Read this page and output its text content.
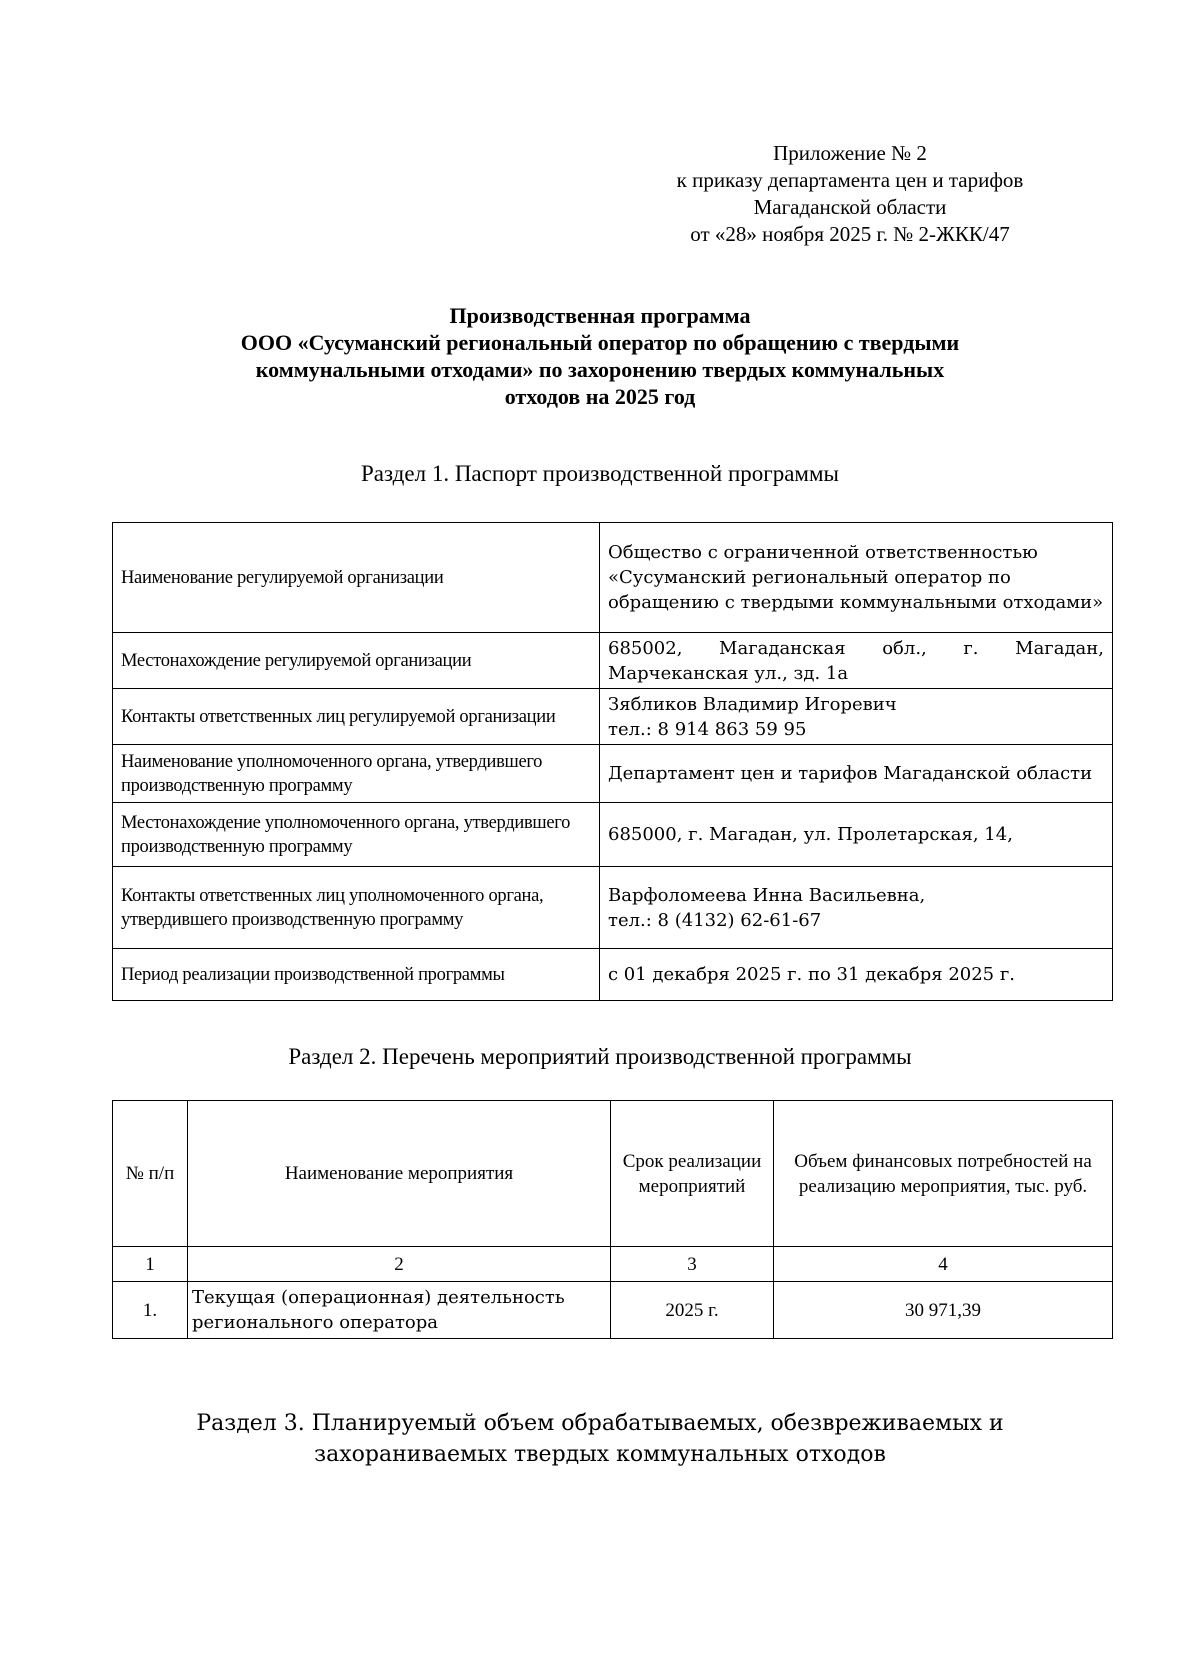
Приложение № 2
к приказу департамента цен и тарифов
Магаданской области
от «28» ноября 2025 г. № 2-ЖКК/47
Производственная программа
ООО «Сусуманский региональный оператор по обращению с твердыми
коммунальными отходами» по захоронению твердых коммунальных
отходов на 2025 год
Раздел 1. Паспорт производственной программы
Наименование регулируемой организации	Общество с ограниченной ответственностью «Сусуманский региональный оператор по обращению с твердыми коммунальными отходами»
Местонахождение регулируемой организации	685002, Магаданская обл., г. Магадан,
Марчеканская ул., зд. 1а

Контакты ответственных лиц регулируемой организации	Зябликов Владимир Игоревич
тел.: 8 914 863 59 95

Наименование уполномоченного органа, утвердившего производственную программу	Департамент цен и тарифов Магаданской области
Местонахождение уполномоченного органа, утвердившего производственную программу	685000, г. Магадан, ул. Пролетарская, 14,
Контакты ответственных лиц уполномоченного органа, утвердившего производственную программу	Варфоломеева Инна Васильевна,
тел.: 8 (4132) 62-61-67

Период реализации производственной программы	с 01 декабря 2025 г. по 31 декабря 2025 г.
Раздел 2. Перечень мероприятий производственной программы
№ п/п	Наименование мероприятия	Срок реализации мероприятий	Объем финансовых потребностей на реализацию мероприятия, тыс. руб.
1	2	3	4
1.	Текущая (операционная) деятельность регионального оператора	2025 г.	30 971,39
Раздел 3. Планируемый объем обрабатываемых, обезвреживаемых и
захораниваемых твердых коммунальных отходов
